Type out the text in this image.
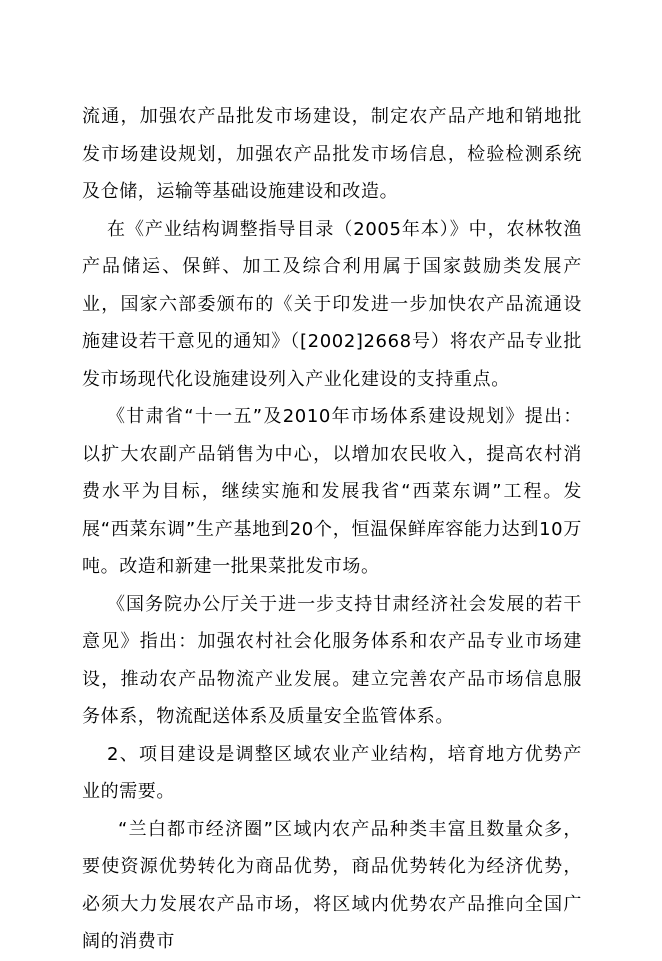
流通，加强农产品批发市场建设，制定农产品产地和销地批发市场建设规划，加强农产品批发市场信息，检验检测系统及仓储，运输等基础设施建设和改造。

在《产业结构调整指导目录（2005年本）》中，农林牧渔产品储运、保鲜、加工及综合利用属于国家鼓励类发展产业，国家六部委颁布的《关于印发进一步加快农产品流通设施建设若干意见的通知》（[2002]2668号）将农产品专业批发市场现代化设施建设列入产业化建设的支持重点。

《甘肃省“十一五”及2010年市场体系建设规划》提出：以扩大农副产品销售为中心，以增加农民收入，提高农村消费水平为目标，继续实施和发展我省“西菜东调”工程。发展“西菜东调”生产基地到20个，恒温保鲜库容能力达到10万吨。改造和新建一批果菜批发市场。

《国务院办公厅关于进一步支持甘肃经济社会发展的若干意见》指出：加强农村社会化服务体系和农产品专业市场建设，推动农产品物流产业发展。建立完善农产品市场信息服务体系，物流配送体系及质量安全监管体系。

2、项目建设是调整区域农业产业结构，培育地方优势产业的需要。

“兰白都市经济圈”区域内农产品种类丰富且数量众多，要使资源优势转化为商品优势，商品优势转化为经济优势，必须大力发展农产品市场，将区域内优势农产品推向全国广阔的消费市
